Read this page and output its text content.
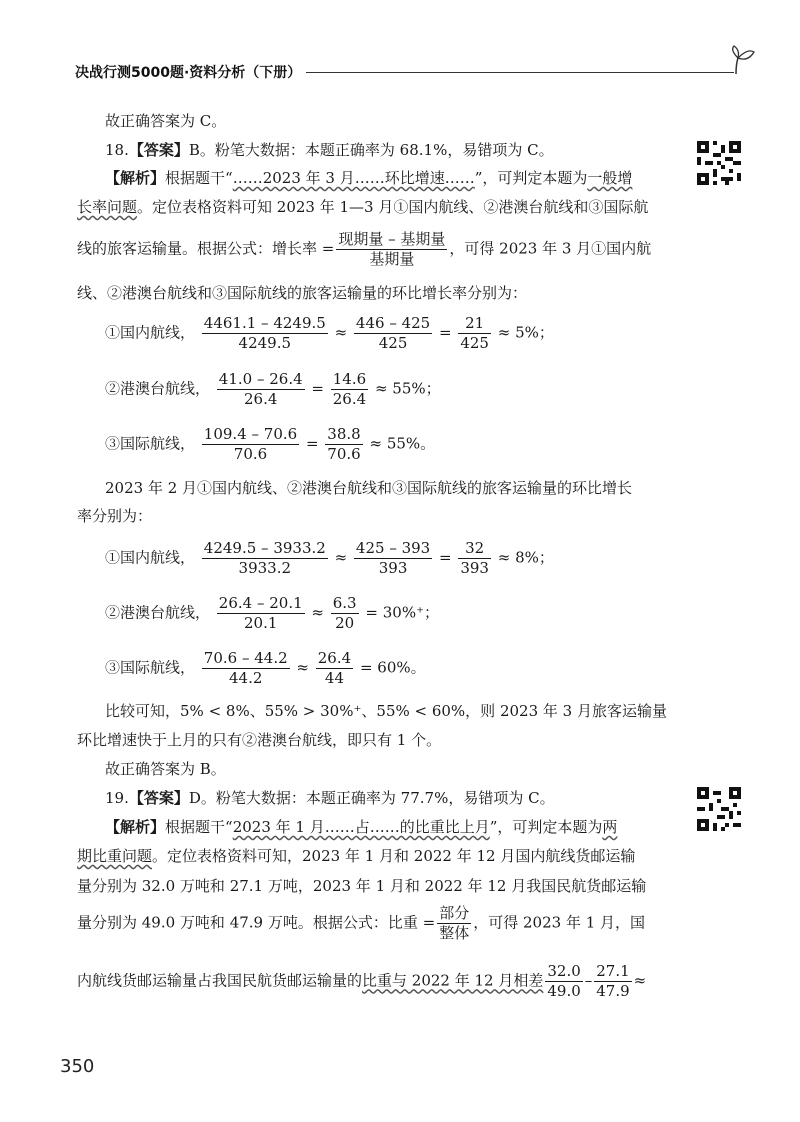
决战行测5000题·资料分析（下册）
故正确答案为 C。
18.【答案】B。粉笔大数据：本题正确率为 68.1%，易错项为 C。
【解析】根据题干“……2023 年 3 月……环比增速……”，可判定本题为一般增
长率问题。定位表格资料可知 2023 年 1—3 月①国内航线、②港澳台航线和③国际航
线的旅客运输量。根据公式：增长率 = $\frac{\text{现期量 – 基期量}}{\text{基期量}}$ ，可得 2023 年 3 月①国内航
线、②港澳台航线和③国际航线的旅客运输量的环比增长率分别为：
①国内航线， $\frac{4461.1 - 4249.5}{4249.5} \approx \frac{446 - 425}{425} = \frac{21}{425} \approx 5\%$；
②港澳台航线， $\frac{41.0 - 26.4}{26.4} = \frac{14.6}{26.4} \approx 55\%$；
③国际航线， $\frac{109.4 - 70.6}{70.6} = \frac{38.8}{70.6} \approx 55\%$。
2023 年 2 月①国内航线、②港澳台航线和③国际航线的旅客运输量的环比增长
率分别为：
①国内航线， $\frac{4249.5 - 3933.2}{3933.2} \approx \frac{425 - 393}{393} = \frac{32}{393} \approx 8\%$；
②港澳台航线， $\frac{26.4 - 20.1}{20.1} \approx \frac{6.3}{20} = 30\%^+$；
③国际航线， $\frac{70.6 - 44.2}{44.2} \approx \frac{26.4}{44} = 60\%$。
比较可知，5% < 8%、55% > 30%⁺、55% < 60%，则 2023 年 3 月旅客运输量
环比增速快于上月的只有②港澳台航线，即只有 1 个。
故正确答案为 B。
19.【答案】D。粉笔大数据：本题正确率为 77.7%，易错项为 C。
【解析】根据题干“2023 年 1 月……占……的比重比上月”，可判定本题为两
期比重问题。定位表格资料可知，2023 年 1 月和 2022 年 12 月国内航线货邮运输
量分别为 32.0 万吨和 27.1 万吨，2023 年 1 月和 2022 年 12 月我国民航货邮运输
量分别为 49.0 万吨和 47.9 万吨。根据公式：比重 = $\frac{\text{部分}}{\text{整体}}$ ，可得 2023 年 1 月，国
内航线货邮运输量占我国民航货邮运输量的比重与 2022 年 12 月相差 $\frac{32.0}{49.0} - \frac{27.1}{47.9}$ ≈
350
